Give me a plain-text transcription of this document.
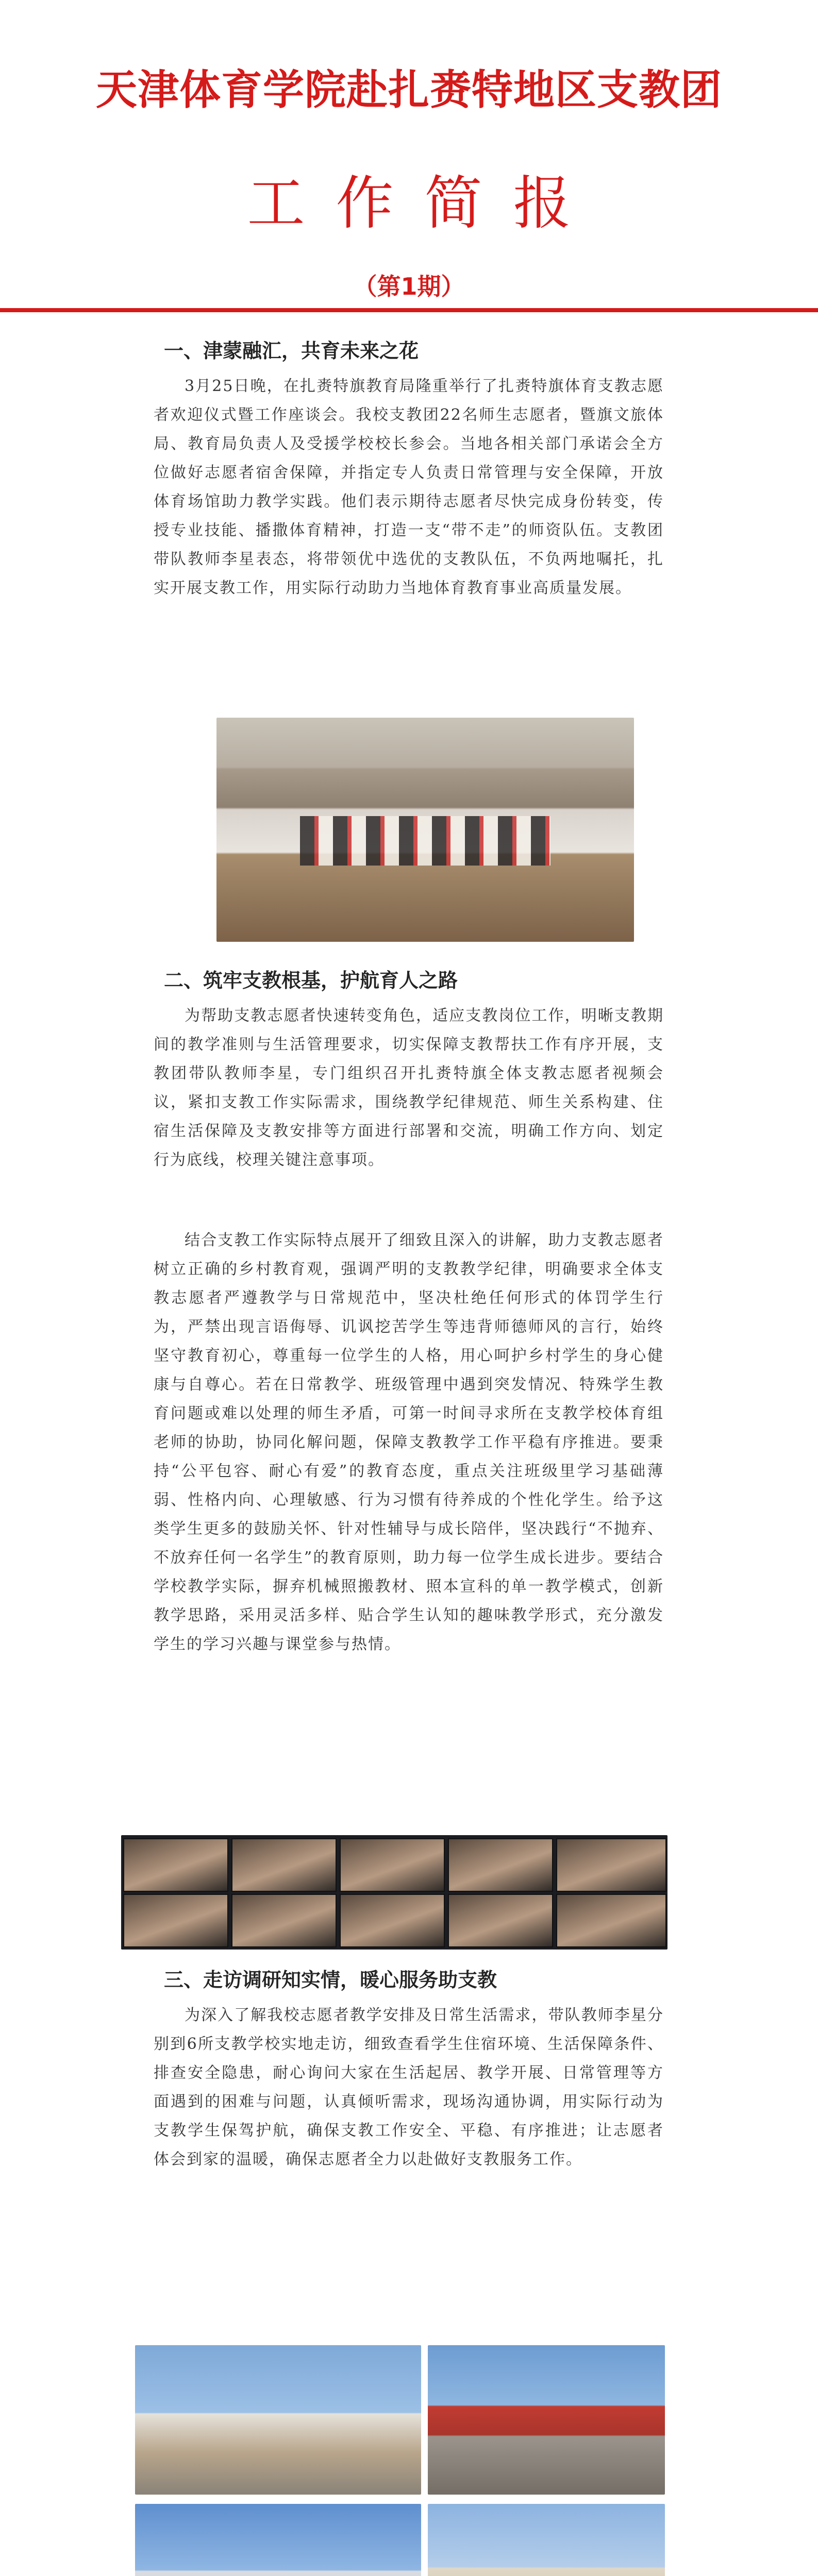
天津体育学院赴扎赉特地区支教团
工作简报
（第1期）
一、津蒙融汇，共育未来之花
3月25日晚，在扎赉特旗教育局隆重举行了扎赉特旗体育支教志愿者欢迎仪式暨工作座谈会。我校支教团22名师生志愿者，暨旗文旅体局、教育局负责人及受援学校校长参会。当地各相关部门承诺会全方位做好志愿者宿舍保障，并指定专人负责日常管理与安全保障，开放体育场馆助力教学实践。他们表示期待志愿者尽快完成身份转变，传授专业技能、播撒体育精神，打造一支“带不走”的师资队伍。支教团带队教师李星表态，将带领优中选优的支教队伍，不负两地嘱托，扎实开展支教工作，用实际行动助力当地体育教育事业高质量发展。
二、筑牢支教根基，护航育人之路
为帮助支教志愿者快速转变角色，适应支教岗位工作，明晰支教期间的教学准则与生活管理要求，切实保障支教帮扶工作有序开展，支教团带队教师李星，专门组织召开扎赉特旗全体支教志愿者视频会议，紧扣支教工作实际需求，围绕教学纪律规范、师生关系构建、住宿生活保障及支教安排等方面进行部署和交流，明确工作方向、划定行为底线，校理关键注意事项。
结合支教工作实际特点展开了细致且深入的讲解，助力支教志愿者树立正确的乡村教育观，强调严明的支教教学纪律，明确要求全体支教志愿者严遵教学与日常规范中，坚决杜绝任何形式的体罚学生行为，严禁出现言语侮辱、讥讽挖苦学生等违背师德师风的言行，始终坚守教育初心，尊重每一位学生的人格，用心呵护乡村学生的身心健康与自尊心。若在日常教学、班级管理中遇到突发情况、特殊学生教育问题或难以处理的师生矛盾，可第一时间寻求所在支教学校体育组老师的协助，协同化解问题，保障支教教学工作平稳有序推进。要秉持“公平包容、耐心有爱”的教育态度，重点关注班级里学习基础薄弱、性格内向、心理敏感、行为习惯有待养成的个性化学生。给予这类学生更多的鼓励关怀、针对性辅导与成长陪伴，坚决践行“不抛弃、不放弃任何一名学生”的教育原则，助力每一位学生成长进步。要结合学校教学实际，摒弃机械照搬教材、照本宣科的单一教学模式，创新教学思路，采用灵活多样、贴合学生认知的趣味教学形式，充分激发学生的学习兴趣与课堂参与热情。
三、走访调研知实情，暖心服务助支教
为深入了解我校志愿者教学安排及日常生活需求，带队教师李星分别到6所支教学校实地走访，细致查看学生住宿环境、生活保障条件、排查安全隐患，耐心询问大家在生活起居、教学开展、日常管理等方面遇到的困难与问题，认真倾听需求，现场沟通协调，用实际行动为支教学生保驾护航，确保支教工作安全、平稳、有序推进；让志愿者体会到家的温暖，确保志愿者全力以赴做好支教服务工作。
